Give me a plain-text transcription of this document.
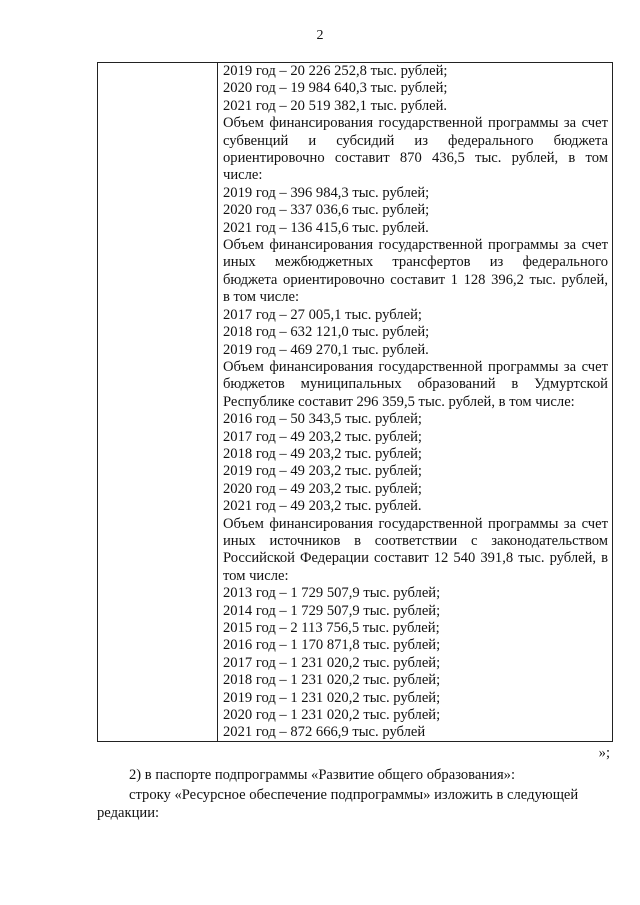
2
2019 год – 20 226 252,8 тыс. рублей;
2020 год – 19 984 640,3 тыс. рублей;
2021 год – 20 519 382,1 тыс. рублей.
Объем финансирования государственной программы за счет
субвенций и субсидий из федерального бюджета
ориентировочно составит 870 436,5 тыс. рублей, в том
числе:
2019 год – 396 984,3 тыс. рублей;
2020 год – 337 036,6 тыс. рублей;
2021 год – 136 415,6 тыс. рублей.
Объем финансирования государственной программы за счет
иных межбюджетных трансфертов из федерального
бюджета ориентировочно составит 1 128 396,2 тыс. рублей,
в том числе:
2017 год – 27 005,1 тыс. рублей;
2018 год – 632 121,0 тыс. рублей;
2019 год – 469 270,1 тыс. рублей.
Объем финансирования государственной программы за счет
бюджетов муниципальных образований в Удмуртской
Республике составит 296 359,5 тыс. рублей, в том числе:
2016 год – 50 343,5 тыс. рублей;
2017 год – 49 203,2 тыс. рублей;
2018 год – 49 203,2 тыс. рублей;
2019 год – 49 203,2 тыс. рублей;
2020 год – 49 203,2 тыс. рублей;
2021 год – 49 203,2 тыс. рублей.
Объем финансирования государственной программы за счет
иных источников в соответствии с законодательством
Российской Федерации составит 12 540 391,8 тыс. рублей, в
том числе:
2013 год – 1 729 507,9 тыс. рублей;
2014 год – 1 729 507,9 тыс. рублей;
2015 год – 2 113 756,5 тыс. рублей;
2016 год – 1 170 871,8 тыс. рублей;
2017 год – 1 231 020,2 тыс. рублей;
2018 год – 1 231 020,2 тыс. рублей;
2019 год – 1 231 020,2 тыс. рублей;
2020 год – 1 231 020,2 тыс. рублей;
2021 год – 872 666,9 тыс. рублей
»;
2) в паспорте подпрограммы «Развитие общего образования»:
строку «Ресурсное обеспечение подпрограммы» изложить в следующей редакции:
